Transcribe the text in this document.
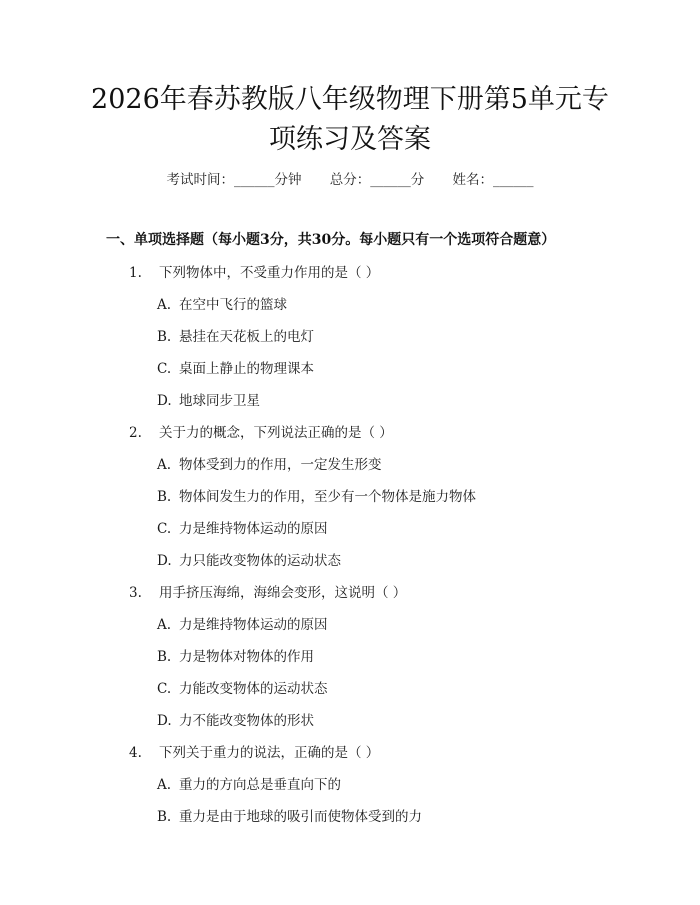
2026年春苏教版八年级物理下册第5单元专
项练习及答案
考试时间：______分钟 总分：______分 姓名：______
一、单项选择题（每小题3分，共30分。每小题只有一个选项符合题意）
1. 下列物体中，不受重力作用的是（ ）
A. 在空中飞行的篮球
B. 悬挂在天花板上的电灯
C. 桌面上静止的物理课本
D. 地球同步卫星
2. 关于力的概念，下列说法正确的是（ ）
A. 物体受到力的作用，一定发生形变
B. 物体间发生力的作用，至少有一个物体是施力物体
C. 力是维持物体运动的原因
D. 力只能改变物体的运动状态
3. 用手挤压海绵，海绵会变形，这说明（ ）
A. 力是维持物体运动的原因
B. 力是物体对物体的作用
C. 力能改变物体的运动状态
D. 力不能改变物体的形状
4. 下列关于重力的说法，正确的是（ ）
A. 重力的方向总是垂直向下的
B. 重力是由于地球的吸引而使物体受到的力
